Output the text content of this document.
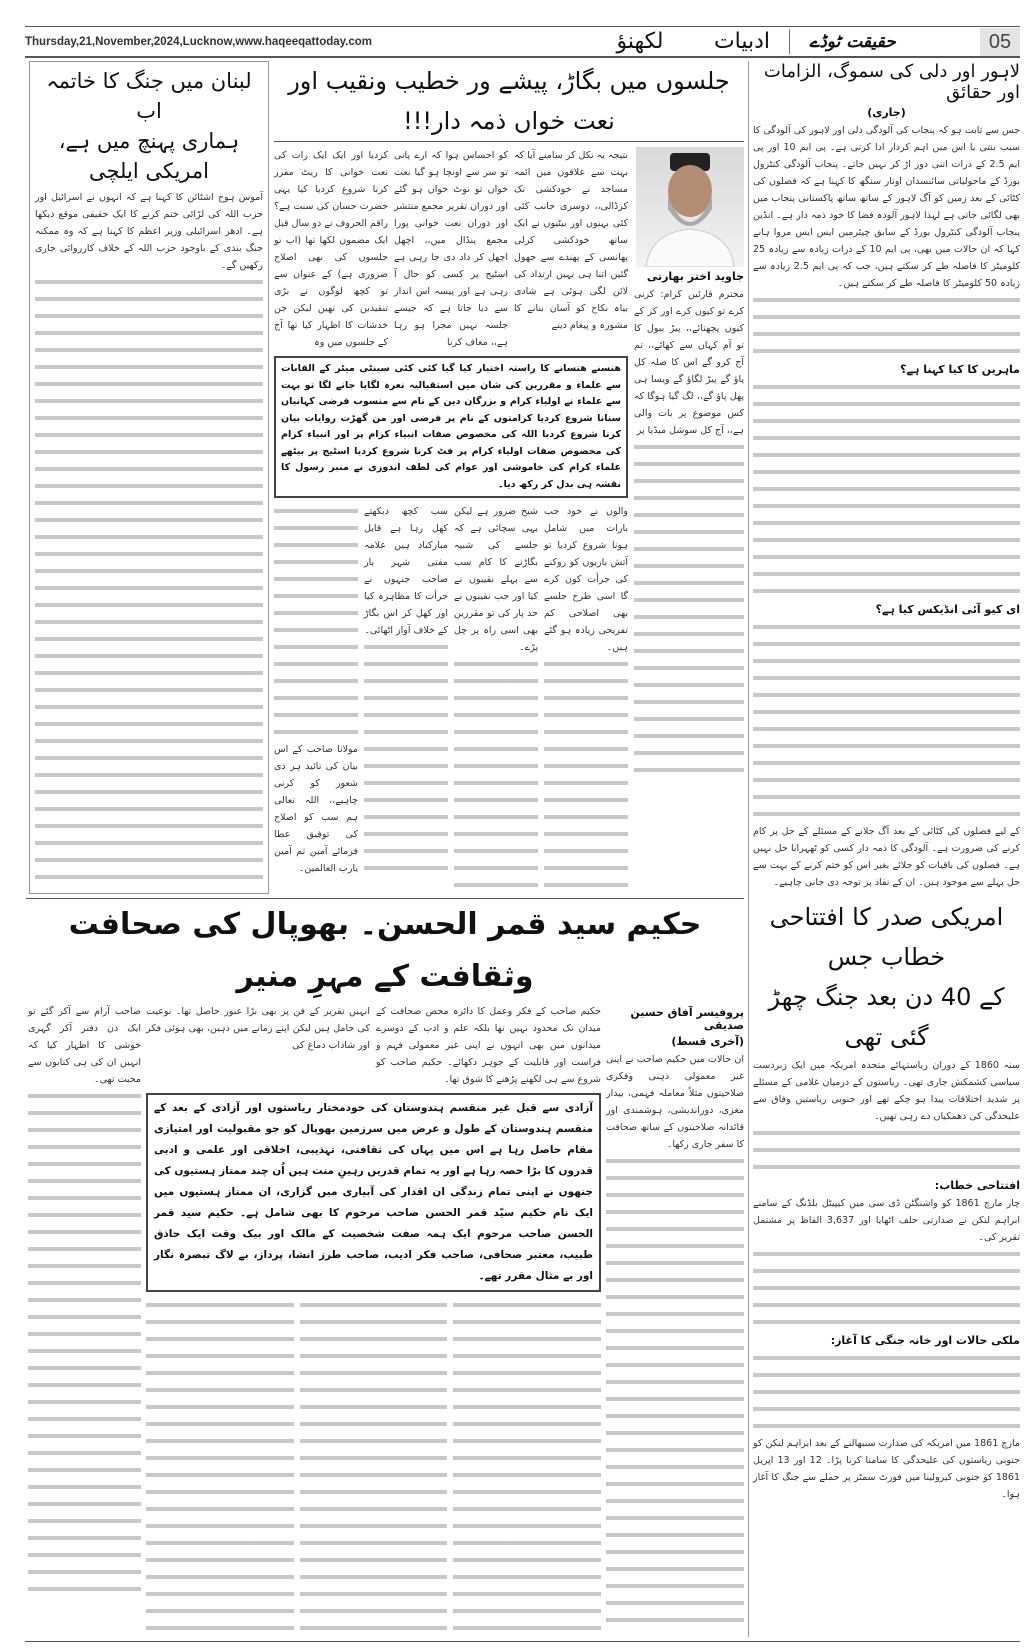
Thursday,21,November,2024,Lucknow,www.haqeeqattoday.com	لکھنؤ	ادبیات	حقیقت ٹوڈے	05
لاہور اور دلی کی سموگ، الزامات اور حقائق
(جاری)
جس سے ثابت ہو کہ پنجاب کی آلودگی دلی اور لاہور کی آلودگی کا سبب بنتی یا اس میں اہم کردار ادا کرتی ہے۔ پی ایم 10 اور پی ایم 2.5 کے ذرات اتنی دور اڑ کر نہیں جاتے۔ پنجاب آلودگی کنٹرول بورڈ کے ماحولیاتی سائنسدان اوتار سنگھ کا کہنا ہے کہ فصلوں کی کٹائی کے بعد زمین کو آگ لاہور کے ساتھ ساتھ پاکستانی پنجاب میں بھی لگائی جاتی ہے لہذا لاہور آلودہ فضا کا خود ذمہ دار ہے۔ انڈین پنجاب آلودگی کنٹرول بورڈ کے سابق چیئرمین ایس ایس مروا ہانے کہا کہ ان حالات میں بھی، پی ایم 10 کے ذرات زیادہ سے زیادہ 25 کلومیٹر کا فاصلہ طے کر سکتے ہیں، جب کہ پی ایم 2.5 زیادہ سے زیادہ 50 کلومیٹر کا فاصلہ طے کر سکتے ہیں۔
ماہرین کا کیا کہنا ہے؟
ای کیو آئی انڈیکس کیا ہے؟
کے لیے فصلوں کی کٹائی کے بعد آگ جلانے کے مسئلے کے حل پر کام کرنے کی ضرورت ہے۔ آلودگی کا ذمہ دار کسی کو ٹھہرانا حل نہیں ہے۔ فصلوں کی باقیات کو جلائے بغیر اس کو ختم کرنے کے بہت سے حل پہلے سے موجود ہیں۔ ان کے نفاذ پر توجہ دی جانی چاہیے۔
امریکی صدر کا افتتاحی خطاب جس
کے 40 دن بعد جنگ چھڑ گئی تھی
سنہ 1860 کے دوران ریاستہائے متحدہ امریکہ میں ایک زبردست سیاسی کشمکش جاری تھی۔ ریاستوں کے درمیان غلامی کے مسئلے پر شدید اختلافات پیدا ہو چکے تھے اور جنوبی ریاستیں وفاق سے علیحدگی کی دھمکیاں دے رہی تھیں۔
افتتاحی خطاب:
چار مارچ 1861 کو واشنگٹن ڈی سی میں کیپیٹل بلڈنگ کے سامنے ابراہم لنکن نے صدارتی حلف اٹھایا اور 3,637 الفاظ پر مشتمل تقریر کی۔
ملکی حالات اور خانہ جنگی کا آغاز:
مارچ 1861 میں امریکہ کی صدارت سنبھالنے کے بعد ابراہم لنکن کو جنوبی ریاستوں کی علیحدگی کا سامنا کرنا پڑا۔ 12 اور 13 اپریل 1861 کو جنوبی کیرولینا میں فورٹ سمٹر پر حملے سے جنگ کا آغاز ہوا۔
جلسوں میں بگاڑ، پیشے ور خطیب ونقیب اور نعت خواں ذمہ دار!!!
جاوید اختر بھارتی
محترم قارئین کرام: کرنی کرے تو کیوں کرے اور کر کے کیوں پچھتائے،، پیڑ ببول کا تو آم کہاں سے کھائے،، تم آج کرو گے اس کا صلہ کل پاؤ گے پیڑ لگاؤ گے ویسا ہی پھل پاؤ گے،، لگ گیا ہوگا کہ کس موضوع پر بات والی ہے،، آج کل سوشل میڈیا پر
نتیجہ یہ نکل کر سامنے آیا کہ بہت سے علاقوں میں ائمہ مساجد نے خودکشی تک کرڈالی،، دوسری جانب کئی کئی بہنوں اور بیٹیوں نے ایک ساتھ خودکشی کرلی پھانسی کے پھندے سے جھول گئیں اتنا ہی نہیں ارتداد کی لائن لگی ہوئی ہے شادی بیاہ نکاح کو آسان بنانے کا مشورہ و پیغام دینے
کو احساس ہوا کہ ارے پانی تو سر سے اونچا ہو گیا نعت خواں تو نوٹ خواں ہو گئے اور دوران تقریر مجمع منتشر اور دوران نعت خوانی پورا مجمع پنڈال میں،، اچھل اچھل کر داد دی جا رہی ہے اسٹیج پر کسی کو حال آ رہی ہے اور پیسہ اس انداز سے دیا جاتا ہے کہ جیسے جلسہ نہیں مجرا ہو رہا ہے،، معاف کرنا
کردیا اور ایک ایک رات کی نعت خوانی کا ریٹ مقرر کرنا شروع کردیا کیا یہی حضرت حسان کی سنت ہے؟ راقم الحروف نے دو سال قبل ایک مضمون لکھا تھا (اب تو جلسوں کی بھی اصلاح ضروری ہے) کے عنوان سے تو کچھ لوگوں نے بڑی تنقیدیں کی تھیں لیکن جن خدشات کا اظہار کیا تھا آج کے جلسوں میں وہ
ھنسنے ھنسانے کا راستہ اختیار کیا گیا کئی کئی سینٹی میٹر کے القابات سے علماء و مقررین کی شان میں استقبالیہ نعرہ لگایا جانے لگا تو بہت سے علماء نے اولیاء کرام و بزرگان دین کے نام سے منسوب فرضی کہانیاں سنانا شروع کردیا کرامتوں کے نام پر فرضی اور من گھڑت روایات بیان کرنا شروع کردیا اللہ کی مخصوص صفات انبیاء کرام پر اور انبیاء کرام کی مخصوص صفات اولیاء کرام پر فٹ کرنا شروع کردیا اسٹیج پر بیٹھے علماء کرام کی خاموشی اور عوام کی لطف اندوزی نے منبر رسول کا نقشہ ہی بدل کر رکھ دیا۔
والوں نے خود جب بارات میں شامل ہونا شروع کردیا تو آتش بازیوں کو روکنے کی جرأت کون کرے گا اسی طرح جلسے بھی اصلاحی کم تفریحی زیادہ ہو گئے ہیں۔
شیخ ضرور ہے لیکن یہی سچائی ہے کہ جلسے کی شبیہ بگاڑنے کا کام سب سے پہلے نقیبوں نے کیا اور جب نقیبوں نے حد پار کی تو مقررین بھی اسی راہ پر چل پڑے۔
سب کچھ دیکھتے کھل رہا ہے قابل مبارکباد ہیں علامہ مفتی شہر یار صاحب جنہوں نے جرأت کا مظاہرہ کیا اور کھل کر اس بگاڑ کے خلاف آواز اٹھائی۔
مولانا صاحب کے اس بیان کی تائید ہر ذی شعور کو کرنی چاہیے،، اللہ تعالی ہم سب کو اصلاح کی توفیق عطا فرمائے آمین ثم آمین یارب العالمین۔
لبنان میں جنگ کا خاتمہ اب
ہماری پہنچ میں ہے، امریکی ایلچی
آموس ہوخ اشٹائن کا کہنا ہے کہ انہوں نے اسرائیل اور حزب اللہ کی لڑائی ختم کرنے کا ایک حقیقی موقع دیکھا ہے۔ ادھر اسرائیلی وزیر اعظم کا کہنا ہے کہ وہ ممکنہ جنگ بندی کے باوجود حزب اللہ کے خلاف کارروائی جاری رکھیں گے۔
حکیم سید قمر الحسن۔ بھوپال کی صحافت وثقافت کے مہرِ منیر
پروفیسر آفاق حسین صدیقی
(آخری قسط)
ان حالات میں حکیم صاحب نے اپنی غیر معمولی ذہنی وفکری صلاحیتوں مثلاً معاملہ فہمی، بیدار مغزی، دوراندیشی، ہوشمندی اور قائدانہ صلاحیتوں کے ساتھ صحافت کا سفر جاری رکھا۔
حکیم صاحب کے فکر وعمل کا دائرہ محض صحافت کے میدان تک محدود نہیں تھا بلکہ علم و ادب کے دوسرے میدانوں میں بھی انہوں نے اپنی غیر معمولی فہم و فراست اور قابلیت کے جوہر دکھائے۔ حکیم صاحب کو شروع سے ہی لکھنے پڑھنے کا شوق تھا۔
انہیں تقریر کے فن پر بھی بڑا عبور حاصل تھا۔ نوعیت کی حامل ہیں لیکن اپنے زمانے میں ذہین، بھی ہوئی فکر اور شاداب دماغ کی
آزادی سے قبل غیر منقسم ہندوستان کی خودمختار ریاستوں اور آزادی کے بعد کے منقسم ہندوستان کے طول و عرض میں سرزمین بھوپال کو جو مقبولیت اور امتیازی مقام حاصل رہا ہے اس میں یہاں کی ثقافتی، تہذیبی، اخلاقی اور علمی و ادبی قدروں کا بڑا حصہ رہا ہے اور یہ تمام قدریں رہینِ منت ہیں اُن چند ممتاز ہستیوں کی جنھوں نے اپنی تمام زندگی ان اقدار کی آبیاری میں گزاری، ان ممتاز ہستیوں میں ایک نام حکیم سیّد قمر الحسن صاحب مرحوم کا بھی شامل ہے۔ حکیم سید قمر الحسن صاحب مرحوم ایک ہمہ صفت شخصیت کے مالک اور بیک وقت ایک حاذق طبیب، معتبر صحافی، صاحب فکر ادیب، صاحب طرز انشا، پرداز، بے لاگ تبصرہ نگار اور بے مثال مقرر تھے۔
صاحب آرام سے آکر گئے تو ایک دن دفتر آکر گہری خوشی کا اظہار کیا کہ انہیں ان کی ہی کتابوں سے محبت تھی۔
